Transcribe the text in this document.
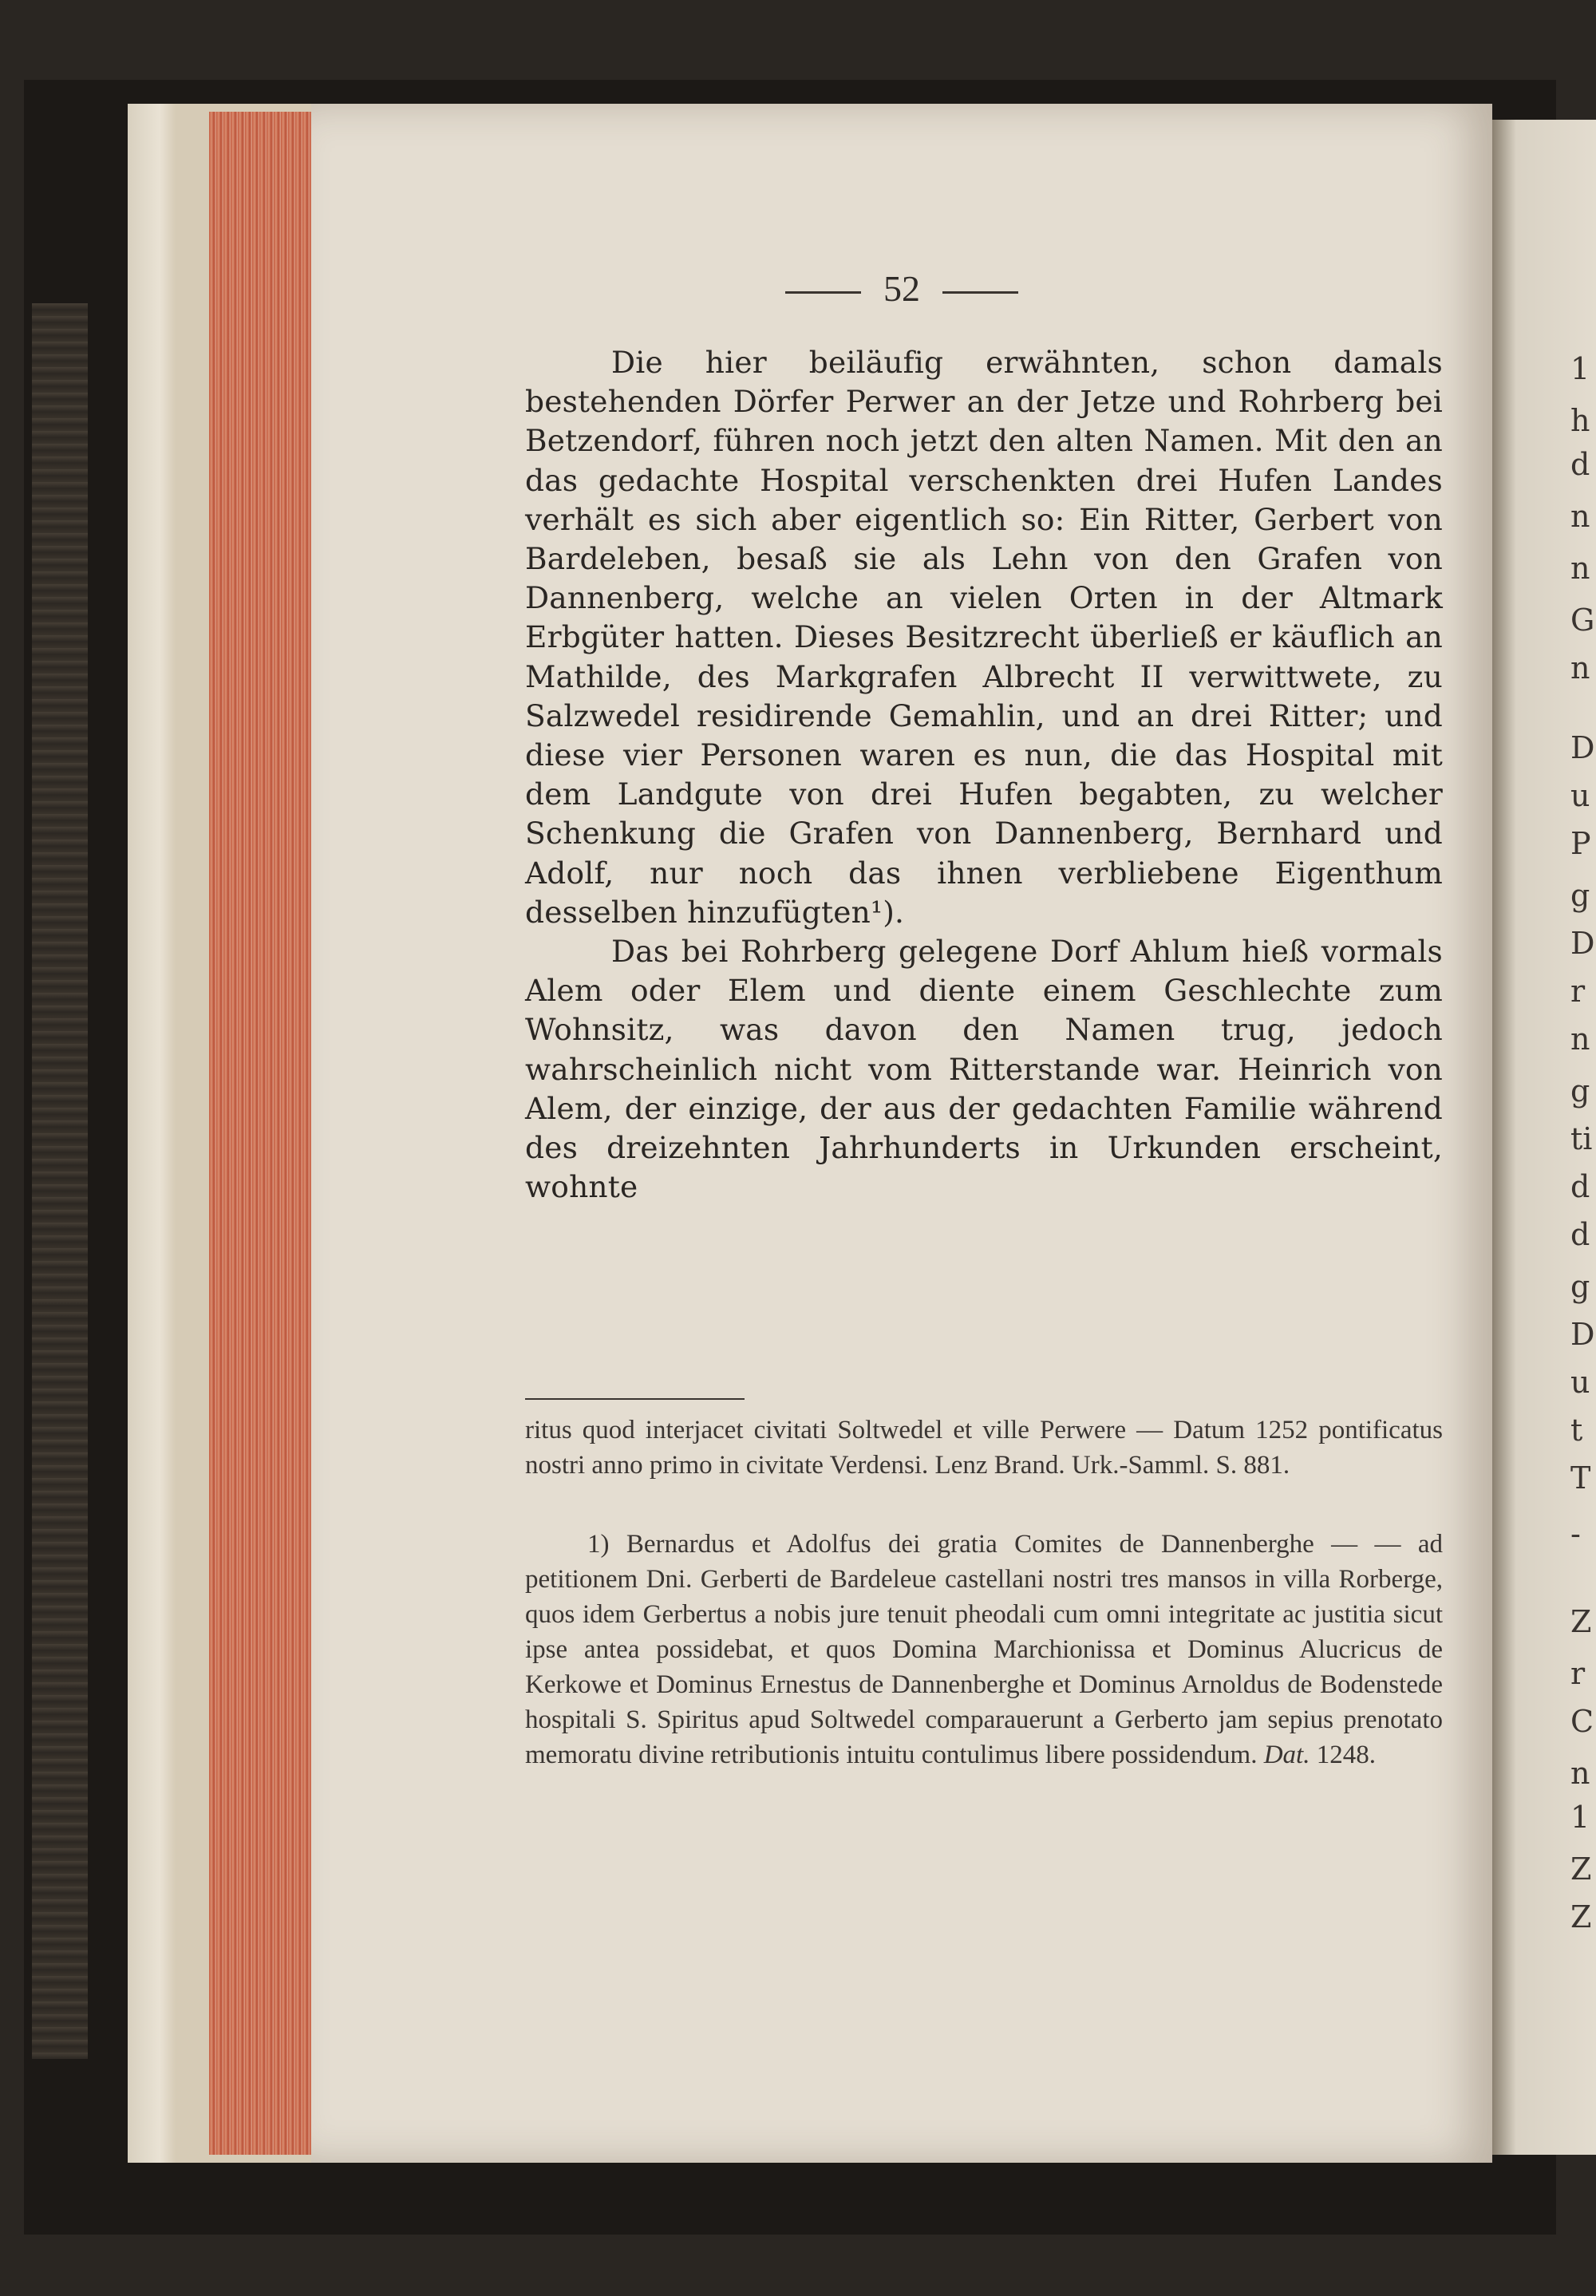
52

Die hier beiläufig erwähnten, schon damals bestehenden Dörfer Perwer an der Jetze und Rohrberg bei Betzendorf, führen noch jetzt den alten Namen. Mit den an das gedachte Hospital verschenkten drei Hufen Landes verhält es sich aber eigentlich so: Ein Ritter, Gerbert von Bardeleben, besaß sie als Lehn von den Grafen von Dannenberg, welche an vielen Orten in der Altmark Erbgüter hatten. Dieses Besitzrecht überließ er käuflich an Mathilde, des Markgrafen Albrecht II verwittwete, zu Salzwedel residirende Gemahlin, und an drei Ritter; und diese vier Personen waren es nun, die das Hospital mit dem Landgute von drei Hufen begabten, zu welcher Schenkung die Grafen von Dannenberg, Bernhard und Adolf, nur noch das ihnen verbliebene Eigenthum desselben hinzufügten¹).

Das bei Rohrberg gelegene Dorf Ahlum hieß vormals Alem oder Elem und diente einem Geschlechte zum Wohnsitz, was davon den Namen trug, jedoch wahrscheinlich nicht vom Ritterstande war. Heinrich von Alem, der einzige, der aus der gedachten Familie während des dreizehnten Jahrhunderts in Urkunden erscheint, wohnte

ritus quod interjacet civitati Soltwedel et ville Perwere — Datum 1252 pontificatus nostri anno primo in civitate Verdensi. Lenz Brand. Urk.-Samml. S. 881.

1) Bernardus et Adolfus dei gratia Comites de Dannenberghe — — ad petitionem Dni. Gerberti de Bardeleue castellani nostri tres mansos in villa Rorberge, quos idem Gerbertus a nobis jure tenuit pheodali cum omni integritate ac justitia sicut ipse antea possidebat, et quos Domina Marchionissa et Dominus Alucricus de Kerkowe et Dominus Ernestus de Dannenberghe et Dominus Arnoldus de Bodenstede hospitali S. Spiritus apud Soltwedel comparauerunt a Gerberto jam sepius prenotato memoratu divine retributionis intuitu contulimus libere possidendum. Dat. 1248.

1
h
d
n
n
G
n
D
u
P
g
D
r
n
g
ti
d
d
g
D
u
t
T
-
Z
r
C
n
1
Z
Z
